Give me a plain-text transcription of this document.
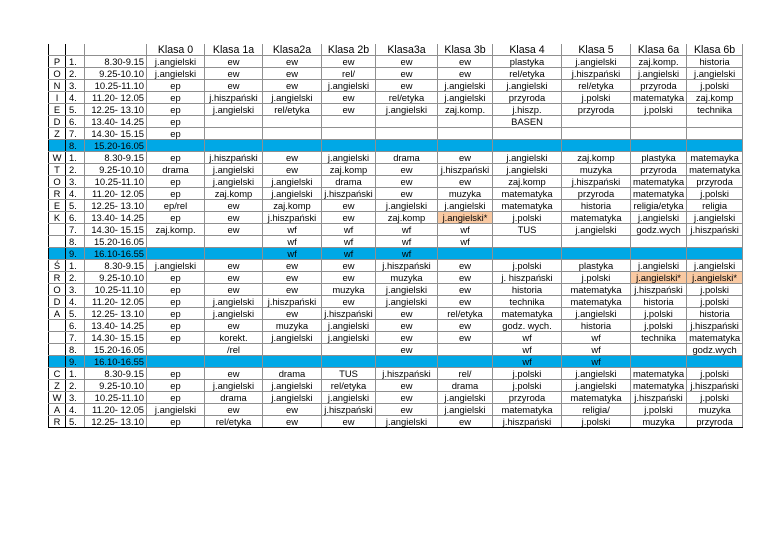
			Klasa 0	Klasa 1a	Klasa2a	Klasa 2b	Klasa3a	Klasa 3b	Klasa 4	Klasa 5	Klasa 6a	Klasa 6b
P	1.	8.30-9.15	j.angielski	ew	ew	ew	ew	ew	plastyka	j.angielski	zaj.komp.	historia
O	2.	9.25-10.10	j.angielski	ew	ew	rel/	ew	ew	rel/etyka	j.hiszpański	j.angielski	j.angielski
N	3.	10.25-11.10	ep	ew	ew	j.angielski	ew	j.angielski	j.angielski	rel/etyka	przyroda	j.polski
I	4.	11.20- 12.05	ep	j.hiszpański	j.angielski	ew	rel/etyka	j.angielski	przyroda	j.polski	matematyka	zaj.komp
E	5.	12.25- 13.10	ep	j.angielski	rel/etyka	ew	j.angielski	zaj.komp.	j.hiszp.	przyroda	j.polski	technika
D	6.	13.40- 14.25	ep						BASEN			
Z	7.	14.30- 15.15	ep									
	8.	15.20-16.05										
W	1.	8.30-9.15	ep	j.hiszpański	ew	j.angielski	drama	ew	j.angielski	zaj.komp	plastyka	matemayka
T	2.	9.25-10.10	drama	j.angielski	ew	zaj.komp	ew	j.hiszpański	j.angielski	muzyka	przyroda	matematyka
O	3.	10.25-11.10	ep	j.angielski	j.angielski	drama	ew	ew	zaj.komp	j.hiszpański	matematyka	przyroda
R	4.	11.20- 12.05	ep	zaj.komp	j.angielski	j.hiszpański	ew	muzyka	matematyka	przyroda	matematyka	j.polski
E	5.	12.25- 13.10	ep/rel	ew	zaj.komp	ew	j.angielski	j.angielski	matematyka	historia	religia/etyka	religia
K	6.	13.40- 14.25	ep	ew	j.hiszpański	ew	zaj.komp	j.angielski*	j.polski	matematyka	j.angielski	j.angielski
	7.	14.30- 15.15	zaj.komp.	ew	wf	wf	wf	wf	TUS	j.angielski	godz.wych	j.hiszpański
	8.	15.20-16.05			wf	wf	wf	wf				
	9.	16.10-16.55			wf	wf	wf					
Ś	1.	8.30-9.15	j.angielski	ew	ew	ew	j.hiszpański	ew	j.polski	plastyka	j.angielski	j.angielski
R	2.	9.25-10.10	ep	ew	ew	ew	muzyka	ew	j. hiszpański	j.polski	j.angielski*	j.angielski*
O	3.	10.25-11.10	ep	ew	ew	muzyka	j.angielski	ew	historia	matematyka	j.hiszpański	j.polski
D	4.	11.20- 12.05	ep	j.angielski	j.hiszpański	ew	j.angielski	ew	technika	matematyka	historia	j.polski
A	5.	12.25- 13.10	ep	j.angielski	ew	j.hiszpański	ew	rel/etyka	matematyka	j.angielski	j.polski	historia
	6.	13.40- 14.25	ep	ew	muzyka	j.angielski	ew	ew	godz. wych.	historia	j.polski	j.hiszpański
	7.	14.30- 15.15	ep	korekt.	j.angielski	j.angielski	ew	ew	wf	wf	technika	matematyka
	8.	15.20-16.05		/rel			ew		wf	wf		godz.wych
	9.	16.10-16.55							wf	wf		
C	1.	8.30-9.15	ep	ew	drama	TUS	j.hiszpański	rel/	j.polski	j.angielski	matematyka	j.polski
Z	2.	9.25-10.10	ep	j.angielski	j.angielski	rel/etyka	ew	drama	j.polski	j.angielski	matematyka	j.hiszpański
W	3.	10.25-11.10	ep	drama	j.angielski	j.angielski	ew	j.angielski	przyroda	matematyka	j.hiszpański	j.polski
A	4.	11.20- 12.05	j.angielski	ew	ew	j.hiszpański	ew	j.angielski	matematyka	religia/	j.polski	muzyka
R	5.	12.25- 13.10	ep	rel/etyka	ew	ew	j.angielski	ew	j.hiszpański	j.polski	muzyka	przyroda
